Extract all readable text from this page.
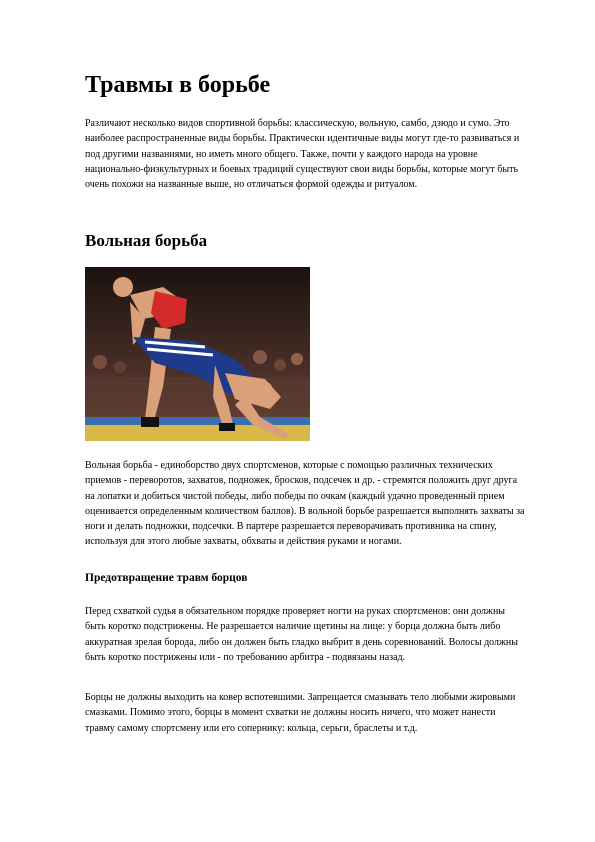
Травмы в борьбе

Различают несколько видов спортивной борьбы: классическую, вольную, самбо, дзюдо и сумо. Это наиболее распространенные виды борьбы. Практически идентичные виды могут где-то развиваться и под другими названиями, но иметь много общего. Также, почти у каждого народа на уровне национально-физкультурных и боевых традиций существуют свои виды борьбы, которые могут быть очень похожи на названные выше, но отличаться формой одежды и ритуалом.

Вольная борьба

Вольная борьба - единоборство двух спортсменов, которые с помощью различных технических приемов - переворотов, захватов, подножек, бросков, подсечек и др. - стремятся положить друг друга на лопатки и добиться чистой победы, либо победы по очкам (каждый удачно проведенный прием оценивается определенным количеством баллов). В вольной борьбе разрешается выполнять захваты за ноги и делать подножки, подсечки. В партере разрешается переворачивать противника на спину, используя для этого любые захваты, обхваты и действия руками и ногами.

Предотвращение травм борцов

Перед схваткой судья в обязательном порядке проверяет ногти на руках спортсменов: они должны быть коротко подстрижены. Не разрешается наличие щетины на лице: у борца должна быть либо аккуратная зрелая борода, либо он должен быть гладко выбрит в день соревнований. Волосы должны быть коротко пострижены или - по требованию арбитра - подвязаны назад.

Борцы не должны выходить на ковер вспотевшими. Запрещается смазывать тело любыми жировыми смазками. Помимо этого, борцы в момент схватки не должны носить ничего, что может нанести травму самому спортсмену или его сопернику: кольца, серьги, браслеты и т.д.
